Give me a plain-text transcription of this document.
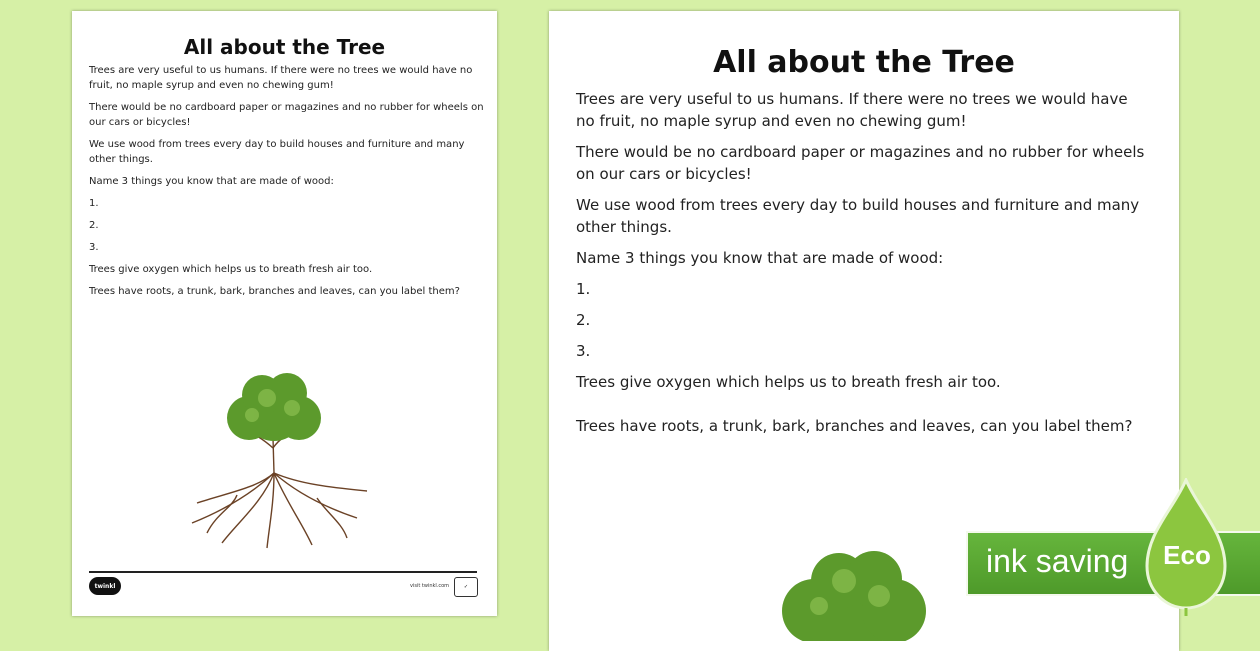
All about the Tree

Trees are very useful to us humans. If there were no trees we would have no fruit, no maple syrup and even no chewing gum!

There would be no cardboard paper or magazines and no rubber for wheels on our cars or bicycles!

We use wood from trees every day to build houses and furniture and many other things.

Name 3 things you know that are made of wood:

1.

2.

3.

Trees give oxygen which helps us to breath fresh air too.

Trees have roots, a trunk, bark, branches and leaves, can you label them?

twinkl	visit twinkl.com	✓
All about the Tree

Trees are very useful to us humans. If there were no trees we would have no fruit, no maple syrup and even no chewing gum!

There would be no cardboard paper or magazines and no rubber for wheels on our cars or bicycles!

We use wood from trees every day to build houses and furniture and many other things.

Name 3 things you know that are made of wood:

1.

2.

3.

Trees give oxygen which helps us to breath fresh air too.

Trees have roots, a trunk, bark, branches and leaves, can you label them?

ink saving Eco
